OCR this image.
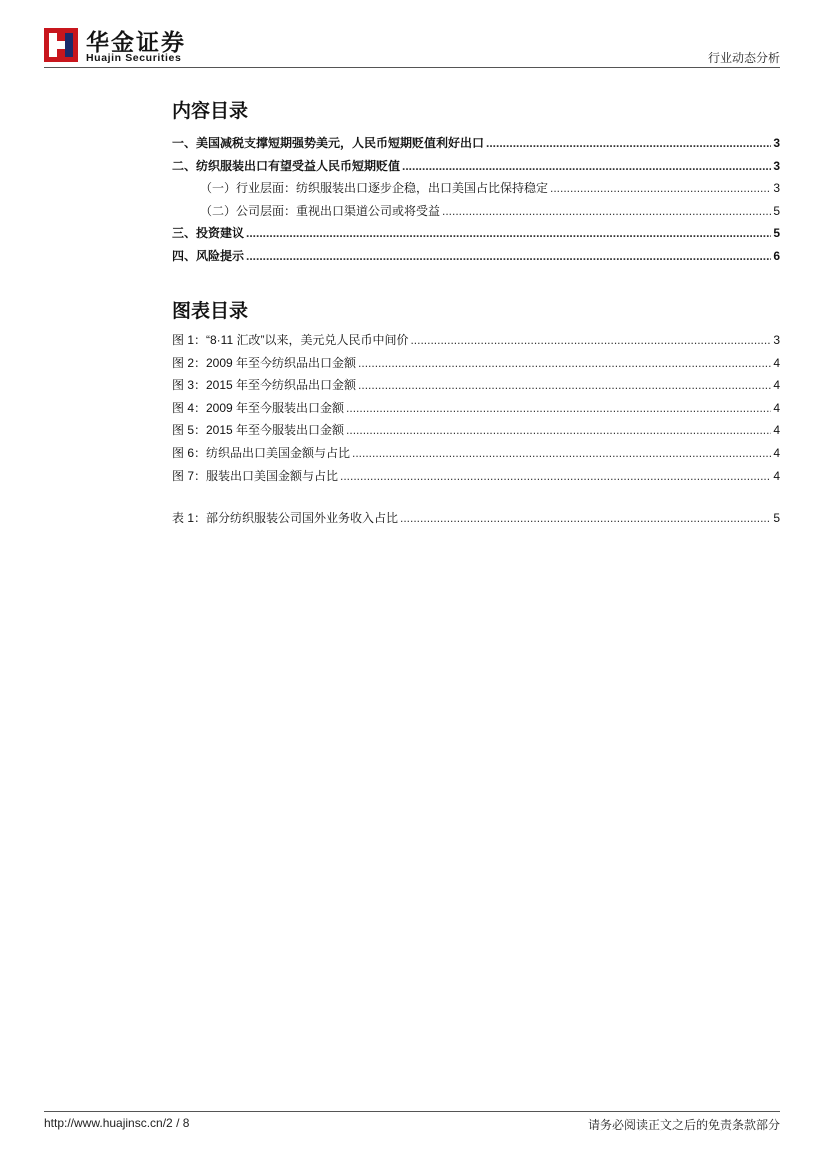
华金证券
Huajin Securities	行业动态分析
内容目录
一、美国减税支撑短期强势美元，人民币短期贬值利好出口 .....	3
二、纺织服装出口有望受益人民币短期贬值 .....	3
（一）行业层面：纺织服装出口逐步企稳，出口美国占比保持稳定 .....	3
（二）公司层面：重视出口渠道公司或将受益 .....	5
三、投资建议 .....	5
四、风险提示 .....	6
图表目录
图 1：“8·11 汇改”以来，美元兑人民币中间价 .....	3
图 2：2009 年至今纺织品出口金额 .....	4
图 3：2015 年至今纺织品出口金额 .....	4
图 4：2009 年至今服装出口金额 .....	4
图 5：2015 年至今服装出口金额 .....	4
图 6：纺织品出口美国金额与占比 .....	4
图 7：服装出口美国金额与占比 .....	4
表 1：部分纺织服装公司国外业务收入占比 .....	5
http://www.huajinsc.cn/2 / 8	请务必阅读正文之后的免责条款部分
